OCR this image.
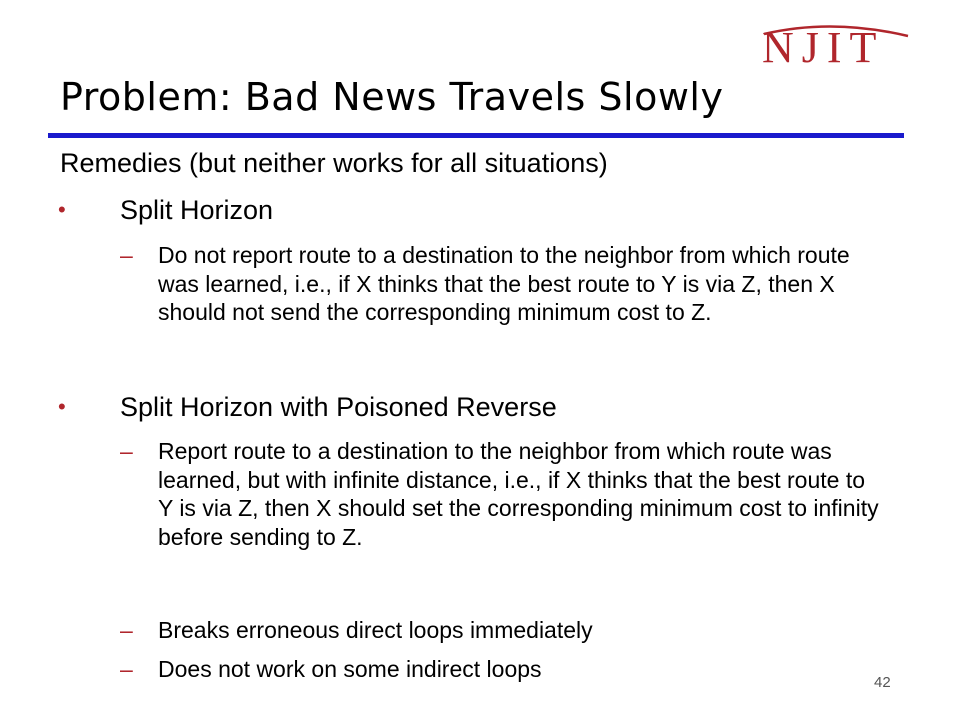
NJIT
Problem: Bad News Travels Slowly
Remedies (but neither works for all situations)
• Split Horizon
– Do not report route to a destination to the neighbor from which route was learned, i.e., if X thinks that the best route to Y is via Z, then X should not send the corresponding minimum cost to Z.
• Split Horizon with Poisoned Reverse
– Report route to a destination to the neighbor from which route was learned, but with infinite distance, i.e., if X thinks that the best route to Y is via Z, then X should set the corresponding minimum cost to infinity before sending to Z.
– Breaks erroneous direct loops immediately
– Does not work on some indirect loops
42
